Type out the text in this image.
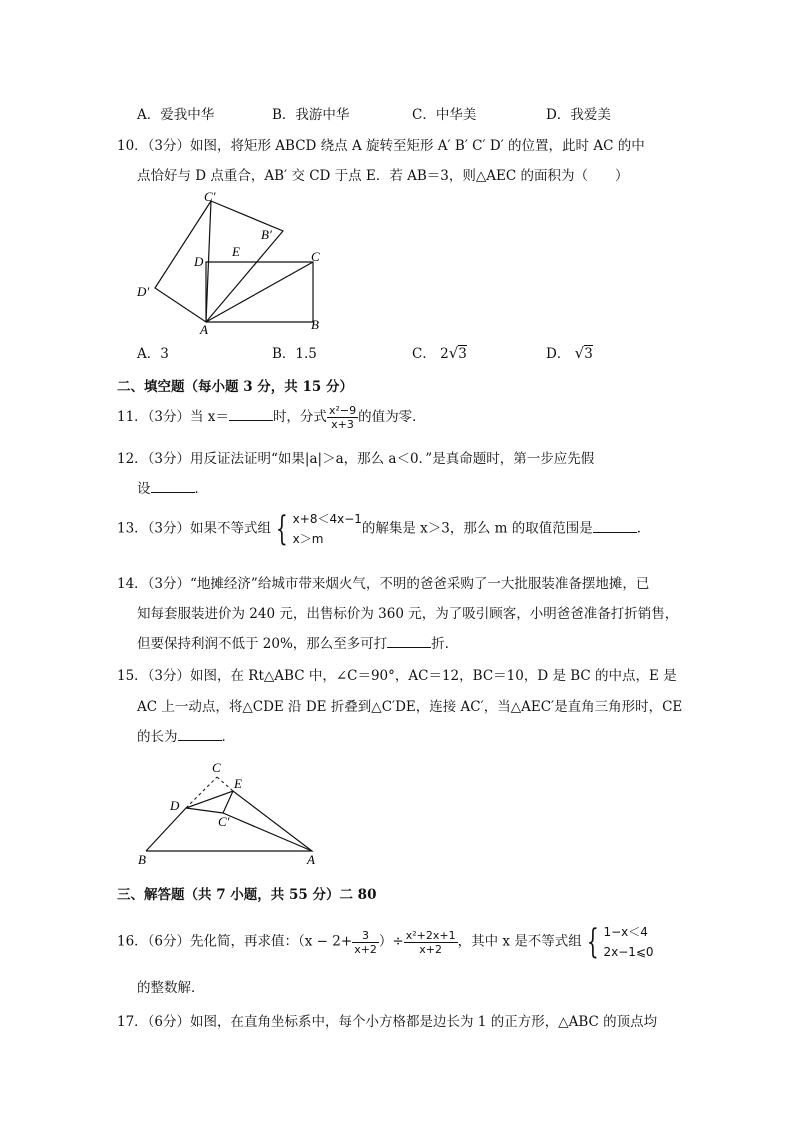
A．爱我中华	B．我游中华	C．中华美	D．我爱美
10．（3分）如图，将矩形 ABCD 绕点 A 旋转至矩形 A′ B′ C′ D′ 的位置，此时 AC 的中
点恰好与 D 点重合，AB′ 交 CD 于点 E．若 AB＝3，则△AEC 的面积为（　　）
C′
B′
D
E	C
D′
A	B
A．3	B．1.5	C． 2√3	D． √3
二、填空题（每小题 3 分，共 15 分）
11．（3分）当 x＝	时，分式 $\frac{\text{x²−9}}{x+3}$ 的值为零．
12．（3分）用反证法证明“如果|a|＞a，那么 a＜0．”是真命题时，第一步应先假
设	．
13．（3分）如果不等式组 { x+8＜4x−1
x＞m
的解集是 x＞3，那么 m 的取值范围是	．
14．（3分）“地摊经济”给城市带来烟火气，不明的爸爸采购了一大批服装准备摆地摊，已
知每套服装进价为 240 元，出售标价为 360 元，为了吸引顾客，小明爸爸准备打折销售，
但要保持利润不低于 20%，那么至多可打	折．
15．（3分）如图，在 Rt△ABC 中，∠C＝90°，AC＝12，BC＝10，D 是 BC 的中点，E 是
AC 上一动点，将△CDE 沿 DE 折叠到△C′DE，连接 AC′，当△AEC′是直角三角形时，CE
的长为	．
C
E
D
C′
B	A
三、解答题（共 7 小题，共 55 分）二 80
16．（6分）先化简，再求值：（$x - 2+ \frac{3}{x+2}$ ）÷ $\frac{\text{x²+2x+1}}{x+2}$ ，其中 x 是不等式组 { 1−x＜4
2x−1⩽0
的整数解．
17．（6分）如图，在直角坐标系中，每个小方格都是边长为 1 的正方形，△ABC 的顶点均
